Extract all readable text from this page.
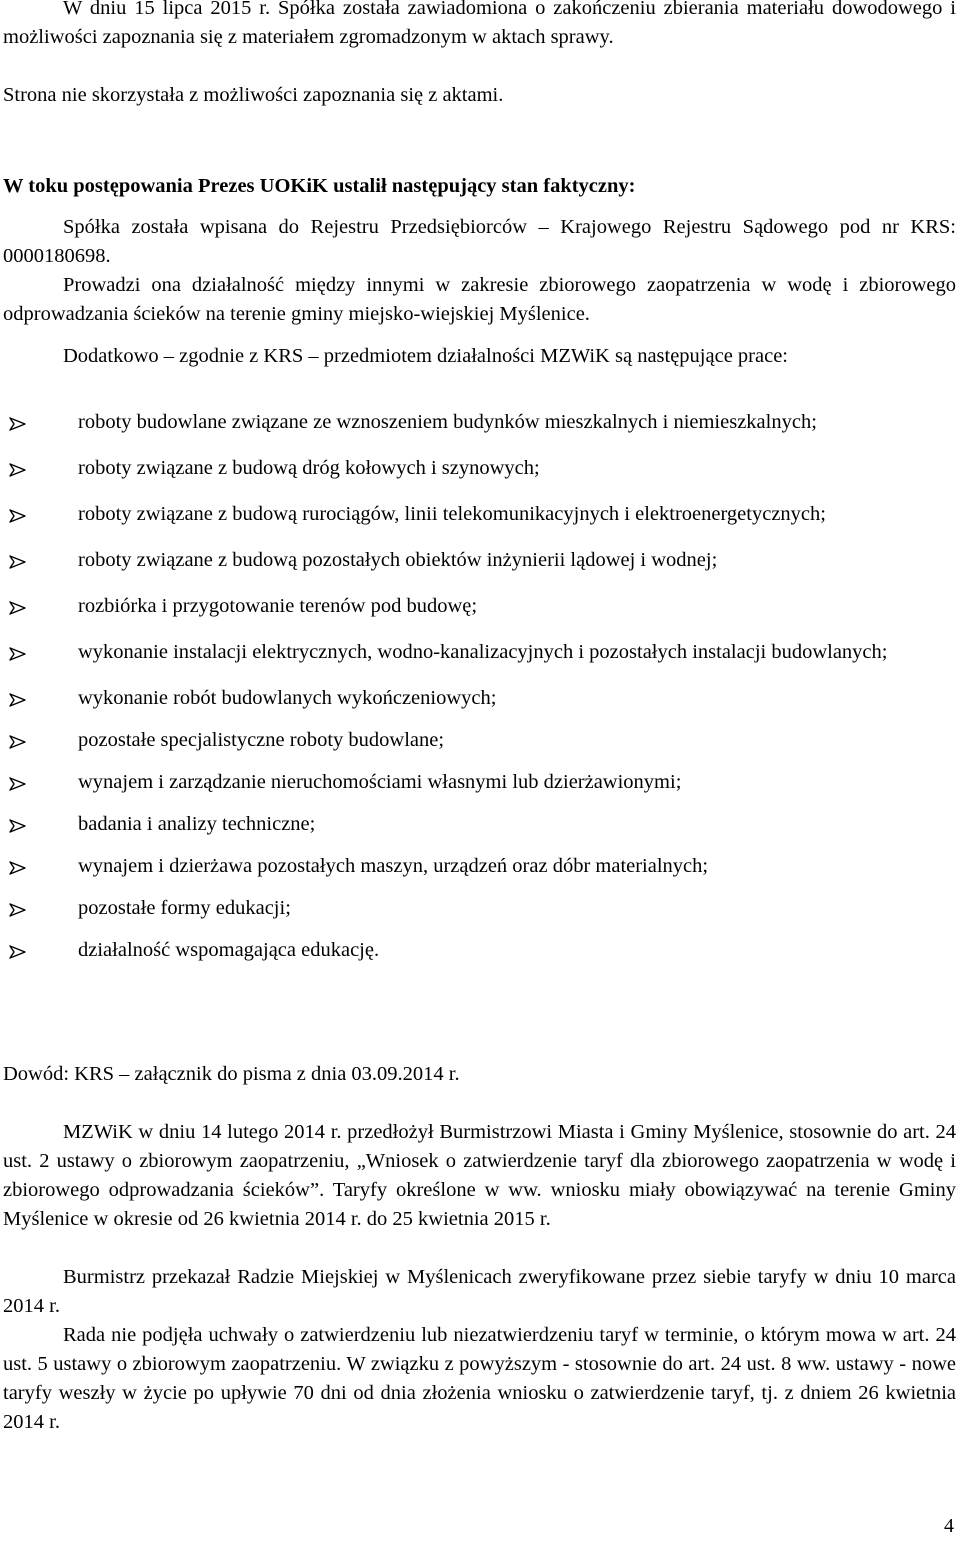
W dniu 15 lipca 2015 r. Spółka została zawiadomiona o zakończeniu zbierania materiału dowodowego i możliwości zapoznania się z materiałem zgromadzonym w aktach sprawy.

Strona nie skorzystała z możliwości zapoznania się z aktami.

W toku postępowania Prezes UOKiK ustalił następujący stan faktyczny:

Spółka została wpisana do Rejestru Przedsiębiorców – Krajowego Rejestru Sądowego pod nr KRS: 0000180698.

Prowadzi ona działalność między innymi w zakresie zbiorowego zaopatrzenia w wodę i zbiorowego odprowadzania ścieków na terenie gminy miejsko-wiejskiej Myślenice.

Dodatkowo – zgodnie z KRS – przedmiotem działalności MZWiK są następujące prace:

roboty budowlane związane ze wznoszeniem budynków mieszkalnych i niemieszkalnych;
roboty związane z budową dróg kołowych i szynowych;
roboty związane z budową rurociągów, linii telekomunikacyjnych i elektroenergetycznych;
roboty związane z budową pozostałych obiektów inżynierii lądowej i wodnej;
rozbiórka i przygotowanie terenów pod budowę;
wykonanie instalacji elektrycznych, wodno-kanalizacyjnych i pozostałych instalacji budowlanych;
wykonanie robót budowlanych wykończeniowych;
pozostałe specjalistyczne roboty budowlane;
wynajem i zarządzanie nieruchomościami własnymi lub dzierżawionymi;
badania i analizy techniczne;
wynajem i dzierżawa pozostałych maszyn, urządzeń oraz dóbr materialnych;
pozostałe formy edukacji;
działalność wspomagająca edukację.

Dowód: KRS – załącznik do pisma z dnia 03.09.2014 r.

MZWiK w dniu 14 lutego 2014 r. przedłożył Burmistrzowi Miasta i Gminy Myślenice, stosownie do art. 24 ust. 2 ustawy o zbiorowym zaopatrzeniu, „Wniosek o zatwierdzenie taryf dla zbiorowego zaopatrzenia w wodę i zbiorowego odprowadzania ścieków”. Taryfy określone w ww. wniosku miały obowiązywać na terenie Gminy Myślenice w okresie od 26 kwietnia 2014 r. do 25 kwietnia 2015 r.

Burmistrz przekazał Radzie Miejskiej w Myślenicach zweryfikowane przez siebie taryfy w dniu 10 marca 2014 r.

Rada nie podjęła uchwały o zatwierdzeniu lub niezatwierdzeniu taryf w terminie, o którym mowa w art. 24 ust. 5 ustawy o zbiorowym zaopatrzeniu. W związku z powyższym - stosownie do art. 24 ust. 8 ww. ustawy - nowe taryfy weszły w życie po upływie 70 dni od dnia złożenia wniosku o zatwierdzenie taryf, tj. z dniem 26 kwietnia 2014 r.

4
